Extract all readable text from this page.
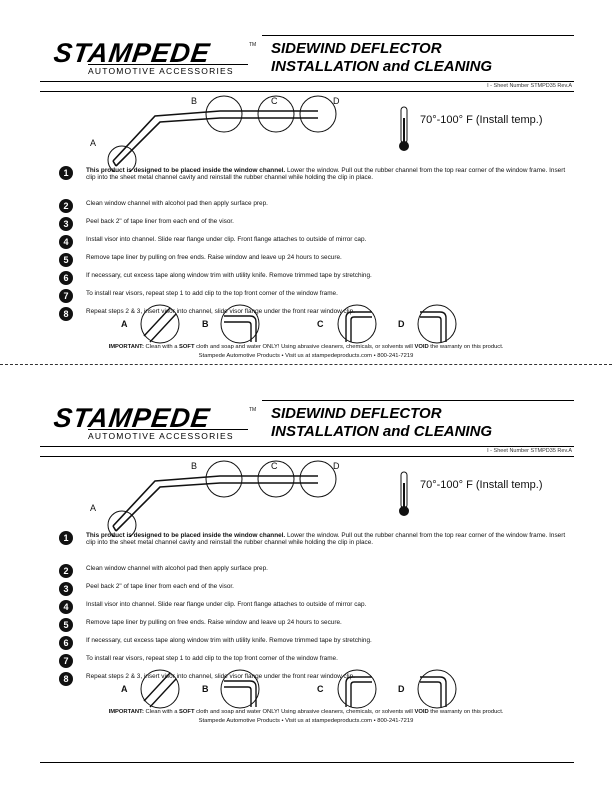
STAMPEDE	TM
AUTOMOTIVE ACCESSORIES
SIDEWIND DEFLECTOR
INSTALLATION and CLEANING
I - Sheet Number STMPD35 Rev.A
A
B	C	D
70°-100° F (Install temp.)
1	This product is designed to be placed inside the window channel. Lower the window. Pull out the rubber channel from the top rear corner of the window frame. Insert clip into the sheet metal channel cavity and reinstall the rubber channel while holding the clip in place.
2	Clean window channel with alcohol pad then apply surface prep.
3	Peel back 2" of tape liner from each end of the visor.
4	Install visor into channel. Slide rear flange under clip. Front flange attaches to outside of mirror cap.
5	Remove tape liner by pulling on free ends. Raise window and leave up 24 hours to secure.
6	If necessary, cut excess tape along window trim with utility knife. Remove trimmed tape by stretching.
7	To install rear visors, repeat step 1 to add clip to the top front corner of the window frame.
8	Repeat steps 2 & 3, insert visor into channel, slide visor flange under the front rear window clip.
A	B	C	D
IMPORTANT: Clean with a SOFT cloth and soap and water ONLY! Using abrasive cleaners, chemicals, or solvents will VOID the warranty on this product.
Stampede Automotive Products • Visit us at stampedeproducts.com • 800-241-7219
STAMPEDE	TM
AUTOMOTIVE ACCESSORIES
SIDEWIND DEFLECTOR
INSTALLATION and CLEANING
I - Sheet Number STMPD35 Rev.A
A
B	C	D
70°-100° F (Install temp.)
1	This product is designed to be placed inside the window channel. Lower the window. Pull out the rubber channel from the top rear corner of the window frame. Insert clip into the sheet metal channel cavity and reinstall the rubber channel while holding the clip in place.
2	Clean window channel with alcohol pad then apply surface prep.
3	Peel back 2" of tape liner from each end of the visor.
4	Install visor into channel. Slide rear flange under clip. Front flange attaches to outside of mirror cap.
5	Remove tape liner by pulling on free ends. Raise window and leave up 24 hours to secure.
6	If necessary, cut excess tape along window trim with utility knife. Remove trimmed tape by stretching.
7	To install rear visors, repeat step 1 to add clip to the top front corner of the window frame.
8	Repeat steps 2 & 3, insert visor into channel, slide visor flange under the front rear window clip.
A	B	C	D
IMPORTANT: Clean with a SOFT cloth and soap and water ONLY! Using abrasive cleaners, chemicals, or solvents will VOID the warranty on this product.
Stampede Automotive Products • Visit us at stampedeproducts.com • 800-241-7219
